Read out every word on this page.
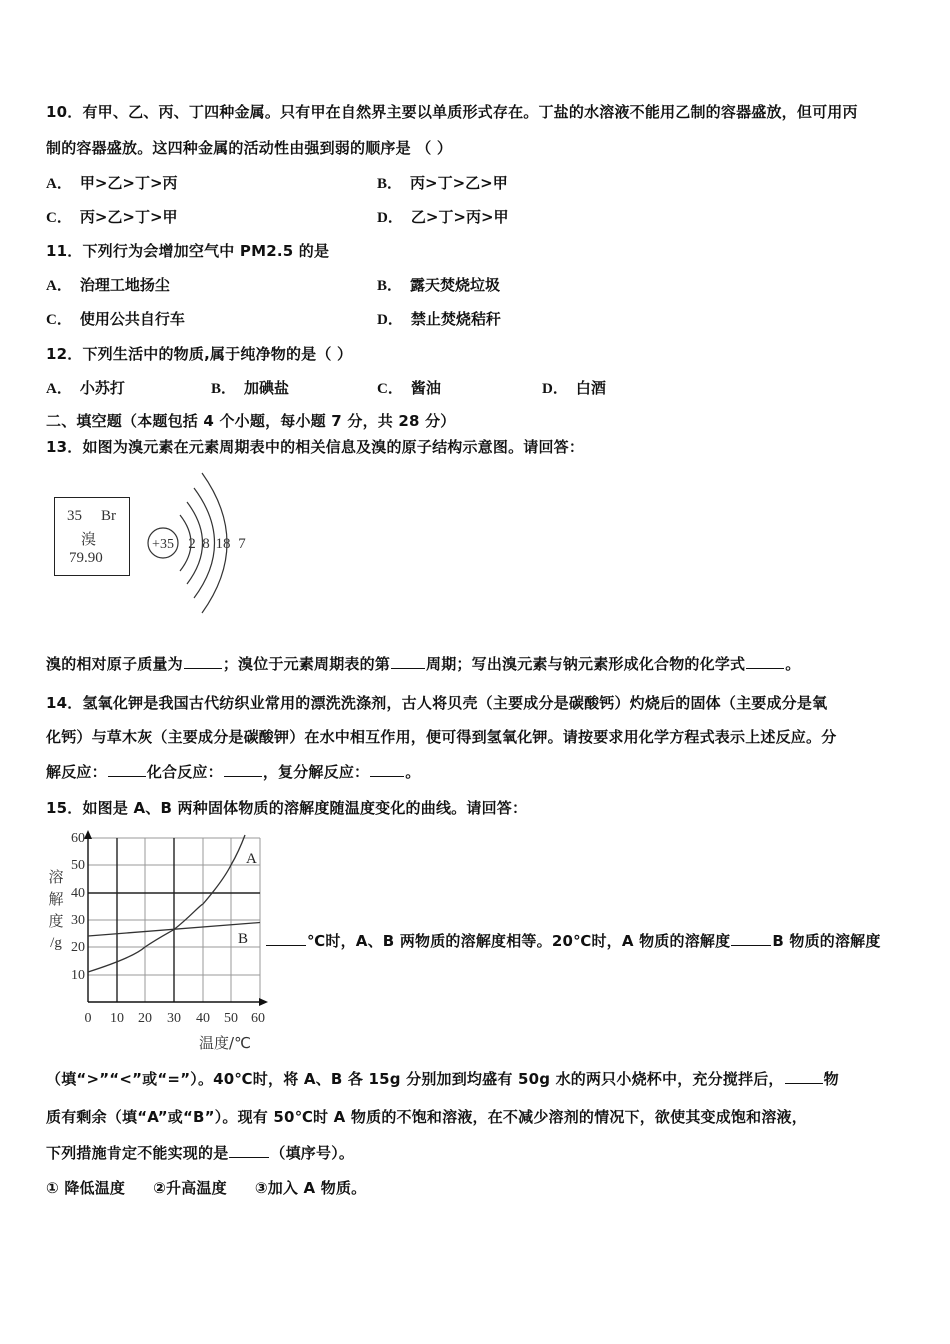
10．有甲、乙、丙、丁四种金属。只有甲在自然界主要以单质形式存在。丁盐的水溶液不能用乙制的容器盛放，但可用丙
制的容器盛放。这四种金属的活动性由强到弱的顺序是 （ ）
A． 甲>乙>丁>丙	B． 丙>丁>乙>甲
C． 丙>乙>丁>甲	D． 乙>丁>丙>甲
11．下列行为会增加空气中 PM2.5 的是
A． 治理工地扬尘	B． 露天焚烧垃圾
C． 使用公共自行车	D． 禁止焚烧秸秆
12．下列生活中的物质,属于纯净物的是（ ）
A． 小苏打	B． 加碘盐	C． 酱油	D． 白酒
二、填空题（本题包括 4 个小题，每小题 7 分，共 28 分）
13．如图为溴元素在元素周期表中的相关信息及溴的原子结构示意图。请回答：
35 Br
溴
79.90
+35 2 8 18 7
溴的相对原子质量为	；溴位于元素周期表的第 周期；写出溴元素与钠元素形成化合物的化学式	。
14．氢氧化钾是我国古代纺织业常用的漂洗洗涤剂，古人将贝壳（主要成分是碳酸钙）灼烧后的固体（主要成分是氧
化钙）与草木灰（主要成分是碳酸钾）在水中相互作用，便可得到氢氧化钾。请按要求用化学方程式表示上述反应。分
解反应：	化合反应：	，复分解反应： 。
15．如图是 A、B 两种固体物质的溶解度随温度变化的曲线。请回答：
A
B
10
20
30
40
50
60
0 10 20 30 40 50 60
溶
解
度
/g
温度/℃
℃时，A、B 两物质的溶解度相等。20℃时，A 物质的溶解度	B 物质的溶解度
（填“>”“<”或“=”）。40℃时，将 A、B 各 15g 分别加到均盛有 50g 水的两只小烧杯中，充分搅拌后，	物
质有剩余（填“A”或“B”）。现有 50℃时 A 物质的不饱和溶液，在不减少溶剂的情况下，欲使其变成饱和溶液，
下列措施肯定不能实现的是	（填序号）。
① 降低温度 ②升高温度 ③加入 A 物质。
